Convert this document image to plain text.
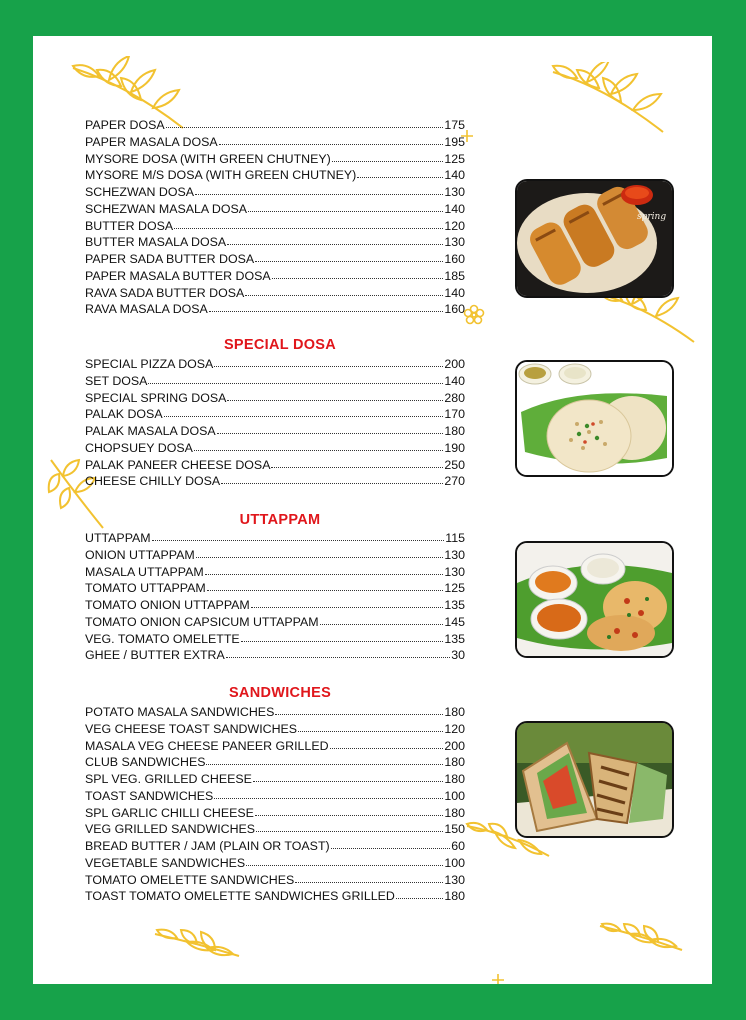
PAPER DOSA	175
PAPER MASALA DOSA	195
MYSORE DOSA (WITH GREEN CHUTNEY)	125
MYSORE M/S DOSA (WITH GREEN CHUTNEY)	140
SCHEZWAN DOSA	130
SCHEZWAN MASALA DOSA	140
BUTTER DOSA	120
BUTTER MASALA DOSA	130
PAPER SADA BUTTER DOSA	160
PAPER MASALA BUTTER DOSA	185
RAVA SADA BUTTER DOSA	140
RAVA MASALA DOSA	160
SPECIAL DOSA
SPECIAL PIZZA DOSA	200
SET DOSA	140
SPECIAL SPRING DOSA	280
PALAK DOSA	170
PALAK MASALA DOSA	180
CHOPSUEY DOSA	190
PALAK PANEER CHEESE DOSA	250
CHEESE CHILLY DOSA	270
UTTAPPAM
UTTAPPAM	115
ONION UTTAPPAM	130
MASALA UTTAPPAM	130
TOMATO UTTAPPAM	125
TOMATO ONION UTTAPPAM	135
TOMATO ONION CAPSICUM UTTAPPAM	145
VEG. TOMATO OMELETTE	135
GHEE / BUTTER EXTRA	30
SANDWICHES
POTATO MASALA SANDWICHES	180
VEG CHEESE TOAST SANDWICHES	120
MASALA VEG CHEESE PANEER GRILLED	200
CLUB SANDWICHES	180
SPL VEG. GRILLED CHEESE	180
TOAST SANDWICHES	100
SPL GARLIC CHILLI CHEESE	180
VEG GRILLED SANDWICHES	150
BREAD BUTTER / JAM (PLAIN OR TOAST)	60
VEGETABLE SANDWICHES	100
TOMATO OMELETTE SANDWICHES	130
TOAST TOMATO OMELETTE SANDWICHES GRILLED	180
spring
